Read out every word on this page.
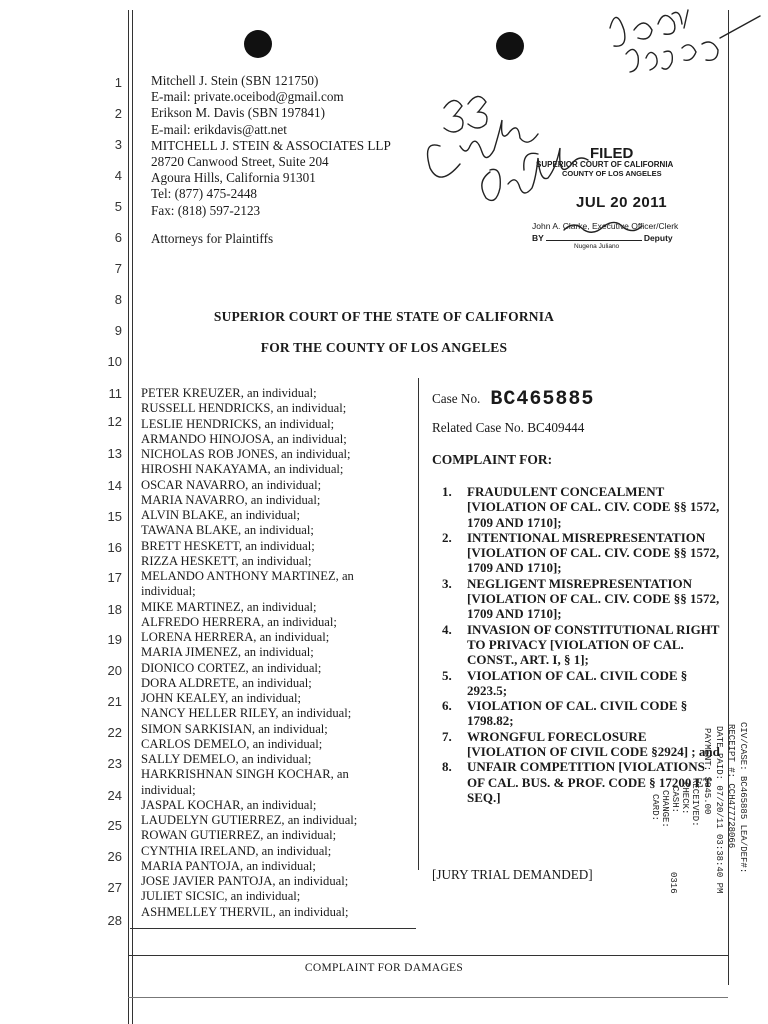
1
2
3
4
5
6
7
8
9
10
11
12
13
14
15
16
17
18
19
20
21
22
23
24
25
26
27
28
Mitchell J. Stein (SBN 121750)
E-mail: private.oceibod@gmail.com
Erikson M. Davis (SBN 197841)
E-mail: erikdavis@att.net
MITCHELL J. STEIN & ASSOCIATES LLP
28720 Canwood Street, Suite 204
Agoura Hills, California 91301
Tel: (877) 475-2448
Fax: (818) 597-2123
Attorneys for Plaintiffs
FILED
SUPERIOR COURT OF CALIFORNIA
COUNTY OF LOS ANGELES
JUL 20 2011
John A. Clarke, Executive Officer/Clerk
BY	Deputy
Nugena Juliano
SUPERIOR COURT OF THE STATE OF CALIFORNIA
FOR THE COUNTY OF LOS ANGELES
PETER KREUZER, an individual;
RUSSELL HENDRICKS, an individual;
LESLIE HENDRICKS, an individual;
ARMANDO HINOJOSA, an individual;
NICHOLAS ROB JONES, an individual;
HIROSHI NAKAYAMA, an individual;
OSCAR NAVARRO, an individual;
MARIA NAVARRO, an individual;
ALVIN BLAKE, an individual;
TAWANA BLAKE, an individual;
BRETT HESKETT, an individual;
RIZZA HESKETT, an individual;
MELANDO ANTHONY MARTINEZ, an
individual;
MIKE MARTINEZ, an individual;
ALFREDO HERRERA, an individual;
LORENA HERRERA, an individual;
MARIA JIMENEZ, an individual;
DIONICO CORTEZ, an individual;
DORA ALDRETE, an individual;
JOHN KEALEY, an individual;
NANCY HELLER RILEY, an individual;
SIMON SARKISIAN, an individual;
CARLOS DEMELO, an individual;
SALLY DEMELO, an individual;
HARKRISHNAN SINGH KOCHAR, an
individual;
JASPAL KOCHAR, an individual;
LAUDELYN GUTIERREZ, an individual;
ROWAN GUTIERREZ, an individual;
CYNTHIA IRELAND, an individual;
MARIA PANTOJA, an individual;
JOSE JAVIER PANTOJA, an individual;
JULIET SICSIC, an individual;
ASHMELLEY THERVIL, an individual;
Case No. BC465885
Related Case No. BC409444
COMPLAINT FOR:
1.	FRAUDULENT CONCEALMENT [VIOLATION OF CAL. CIV. CODE §§ 1572, 1709 AND 1710];
2.	INTENTIONAL MISREPRESENTATION [VIOLATION OF CAL. CIV. CODE §§ 1572, 1709 AND 1710];
3.	NEGLIGENT MISREPRESENTATION [VIOLATION OF CAL. CIV. CODE §§ 1572, 1709 AND 1710];
4.	INVASION OF CONSTITUTIONAL RIGHT TO PRIVACY [VIOLATION OF CAL. CONST., ART. I, § 1];
5.	VIOLATION OF CAL. CIVIL CODE § 2923.5;
6.	VIOLATION OF CAL. CIVIL CODE § 1798.82;
7.	WRONGFUL FORECLOSURE [VIOLATION OF CIVIL CODE §2924] ; and
8.	UNFAIR COMPETITION [VIOLATIONS OF CAL. BUS. & PROF. CODE § 17200 ET SEQ.]
[JURY TRIAL DEMANDED]
CIV/CASE: BC465885 LEA/DEF#:
RECEIPT #: CCH477728066
DATE PAID: 07/20/11 03:38:40 PM
PAYMENT: $945.00
RECEIVED:
CHECK:
CASH:
CHANGE:
CARD:
0316
COMPLAINT FOR DAMAGES
